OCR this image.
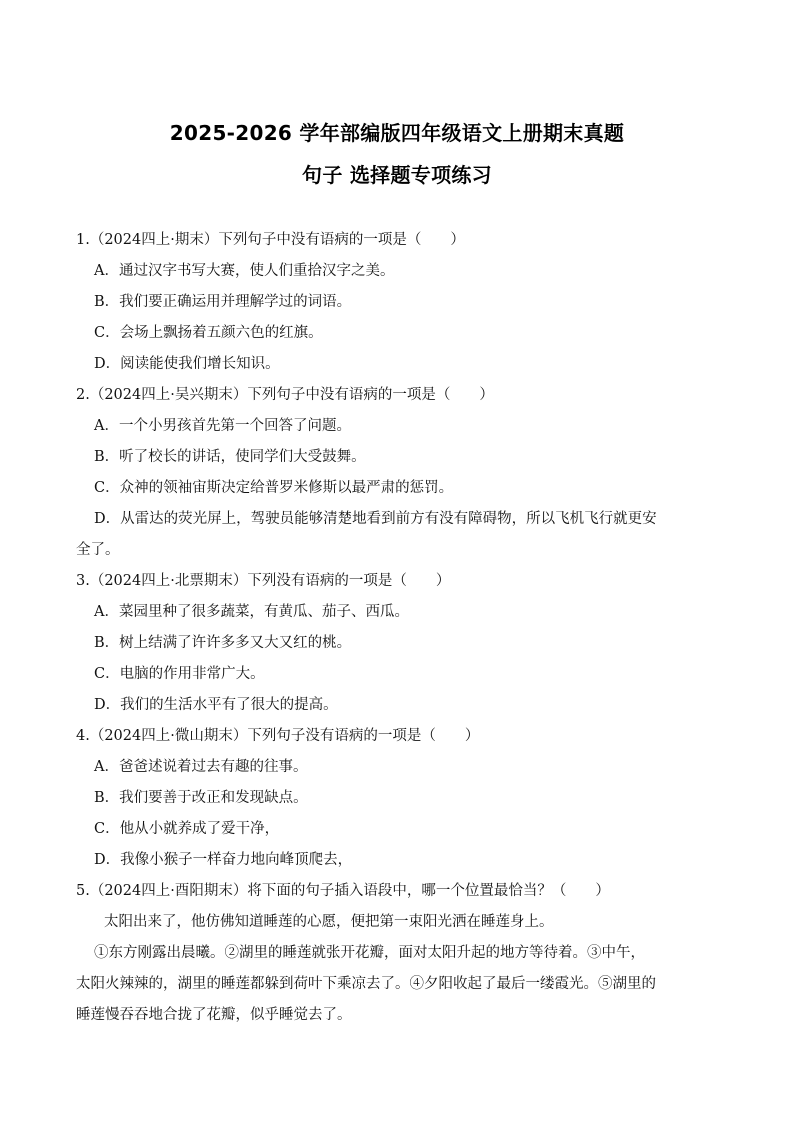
2025-2026 学年部编版四年级语文上册期末真题
句子 选择题专项练习

1.（2024四上·期末）下列句子中没有语病的一项是（　　）

A．通过汉字书写大赛，使人们重拾汉字之美。

B．我们要正确运用并理解学过的词语。

C．会场上飘扬着五颜六色的红旗。

D．阅读能使我们增长知识。

2.（2024四上·吴兴期末）下列句子中没有语病的一项是（　　）

A．一个小男孩首先第一个回答了问题。

B．听了校长的讲话，使同学们大受鼓舞。

C．众神的领袖宙斯决定给普罗米修斯以最严肃的惩罚。

D．从雷达的荧光屏上，驾驶员能够清楚地看到前方有没有障碍物，所以飞机飞行就更安

全了。

3.（2024四上·北票期末）下列没有语病的一项是（　　）

A．菜园里种了很多蔬菜，有黄瓜、茄子、西瓜。

B．树上结满了许许多多又大又红的桃。

C．电脑的作用非常广大。

D．我们的生活水平有了很大的提高。

4.（2024四上·微山期末）下列句子没有语病的一项是（　　）

A．爸爸述说着过去有趣的往事。

B．我们要善于改正和发现缺点。

C．他从小就养成了爱干净，

D．我像小猴子一样奋力地向峰顶爬去，

5.（2024四上·酉阳期末）将下面的句子插入语段中，哪一个位置最恰当？（　　）

太阳出来了，他仿佛知道睡莲的心愿，便把第一束阳光洒在睡莲身上。

①东方刚露出晨曦。②湖里的睡莲就张开花瓣，面对太阳升起的地方等待着。③中午，

太阳火辣辣的，湖里的睡莲都躲到荷叶下乘凉去了。④夕阳收起了最后一缕霞光。⑤湖里的

睡莲慢吞吞地合拢了花瓣，似乎睡觉去了。
